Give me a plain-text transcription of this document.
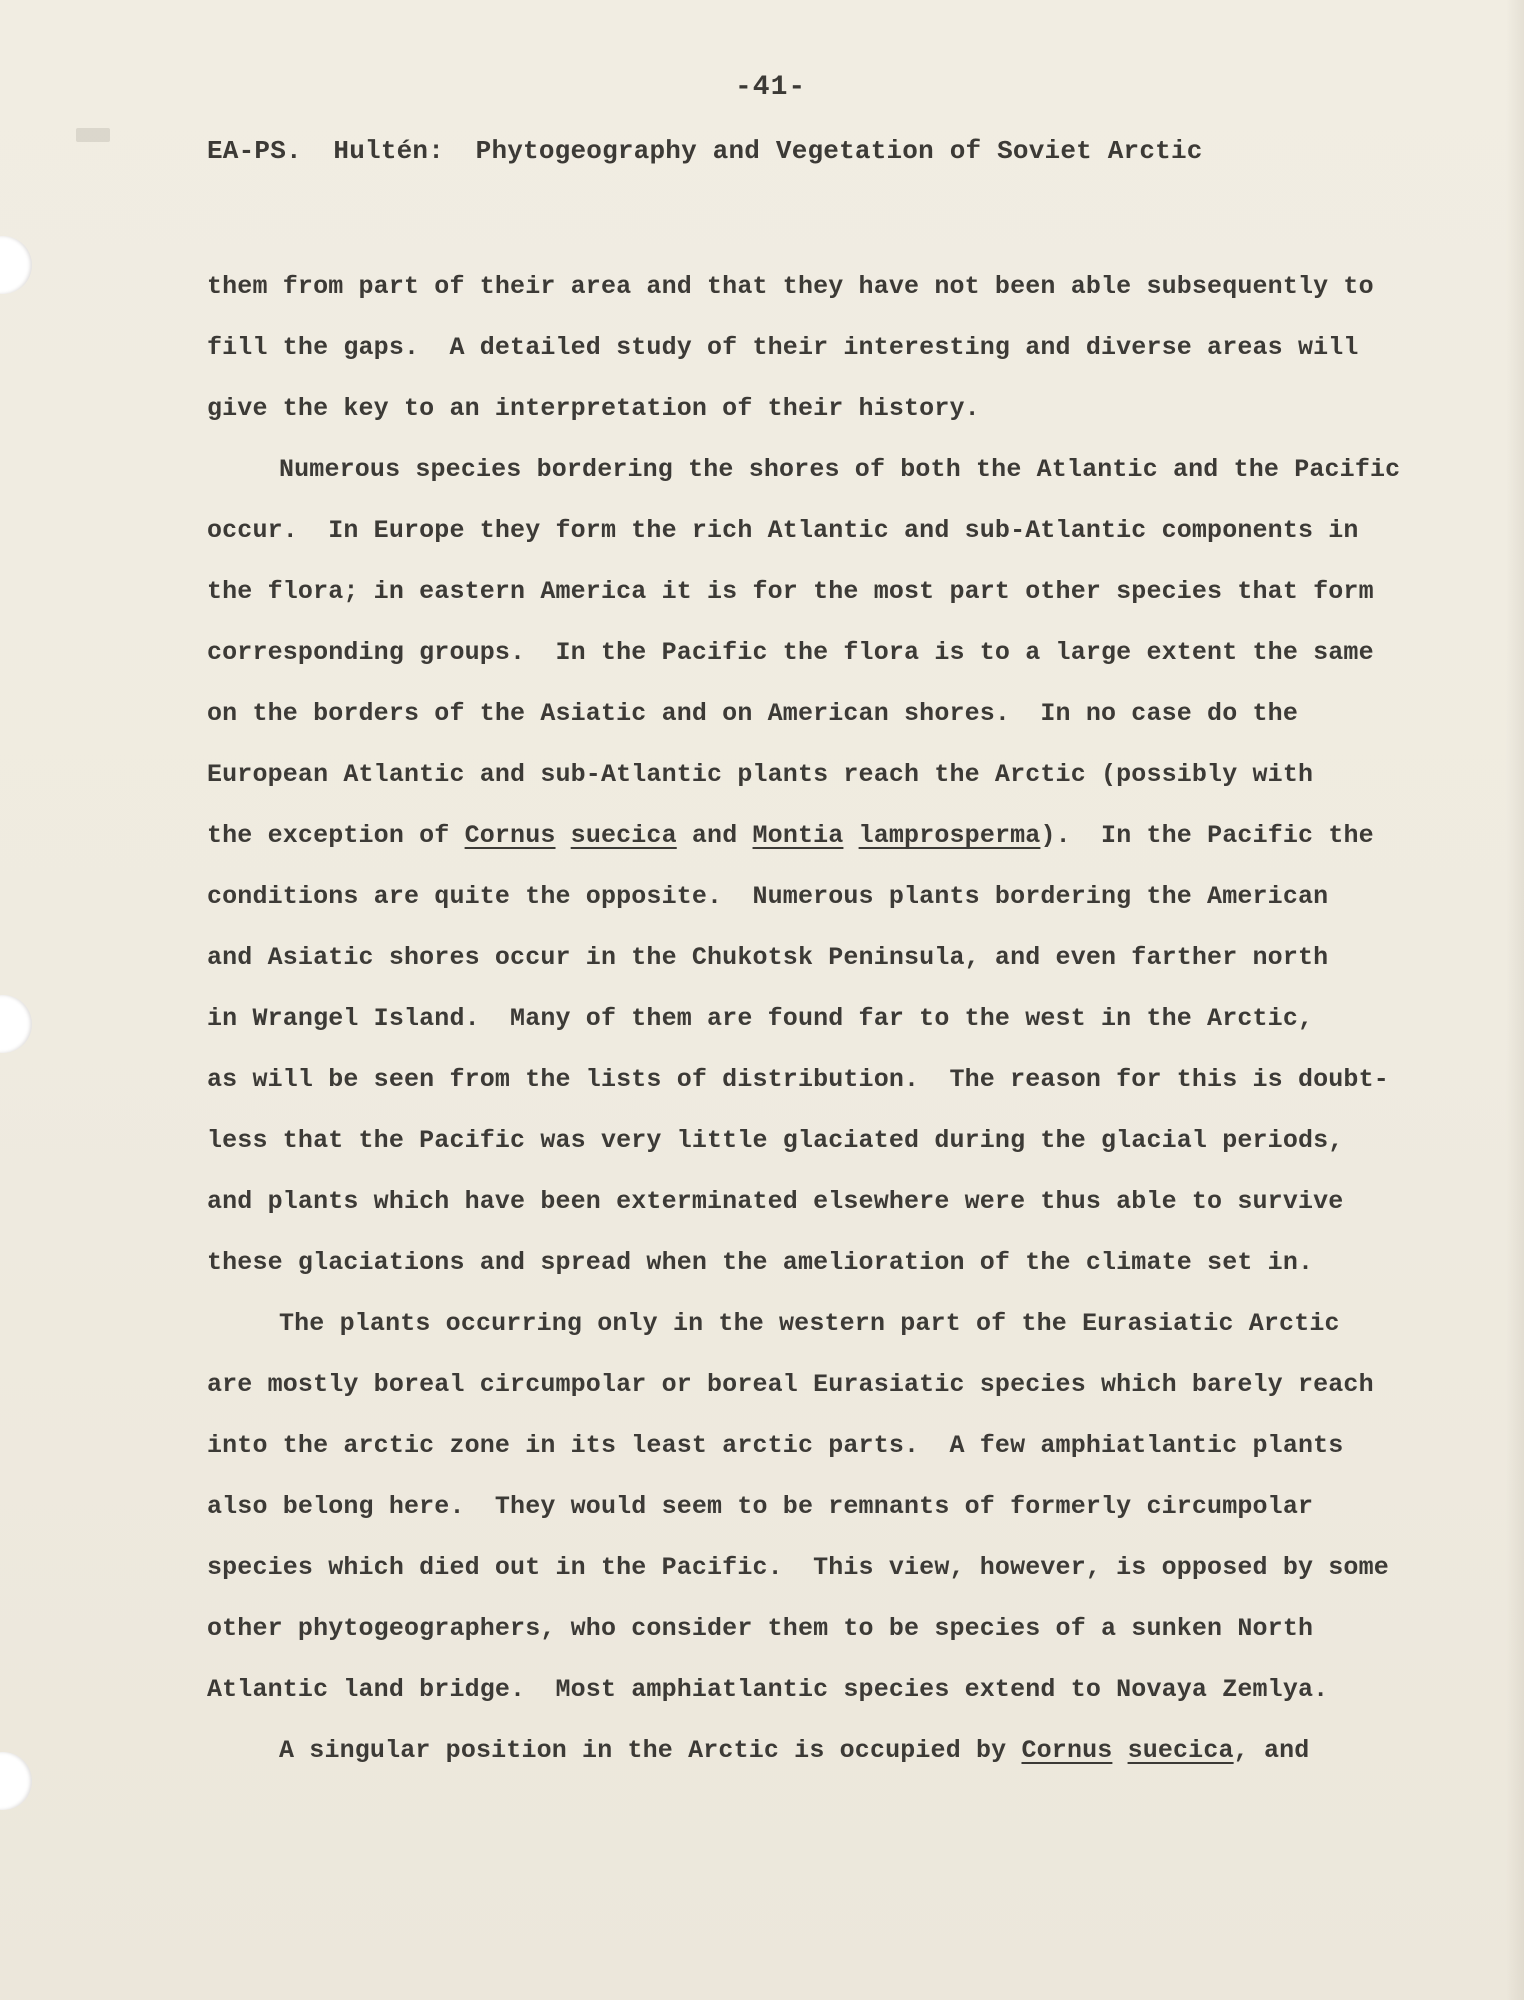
-41-
EA-PS.  Hultén:  Phytogeography and Vegetation of Soviet Arctic
them from part of their area and that they have not been able subsequently to
fill the gaps.  A detailed study of their interesting and diverse areas will
give the key to an interpretation of their history.
Numerous species bordering the shores of both the Atlantic and the Pacific
occur.  In Europe they form the rich Atlantic and sub-Atlantic components in
the flora; in eastern America it is for the most part other species that form
corresponding groups.  In the Pacific the flora is to a large extent the same
on the borders of the Asiatic and on American shores.  In no case do the
European Atlantic and sub-Atlantic plants reach the Arctic (possibly with
the exception of Cornus suecica and Montia lamprosperma).  In the Pacific the
conditions are quite the opposite.  Numerous plants bordering the American
and Asiatic shores occur in the Chukotsk Peninsula, and even farther north
in Wrangel Island.  Many of them are found far to the west in the Arctic,
as will be seen from the lists of distribution.  The reason for this is doubt-
less that the Pacific was very little glaciated during the glacial periods,
and plants which have been exterminated elsewhere were thus able to survive
these glaciations and spread when the amelioration of the climate set in.
The plants occurring only in the western part of the Eurasiatic Arctic
are mostly boreal circumpolar or boreal Eurasiatic species which barely reach
into the arctic zone in its least arctic parts.  A few amphiatlantic plants
also belong here.  They would seem to be remnants of formerly circumpolar
species which died out in the Pacific.  This view, however, is opposed by some
other phytogeographers, who consider them to be species of a sunken North
Atlantic land bridge.  Most amphiatlantic species extend to Novaya Zemlya.
A singular position in the Arctic is occupied by Cornus suecica, and
